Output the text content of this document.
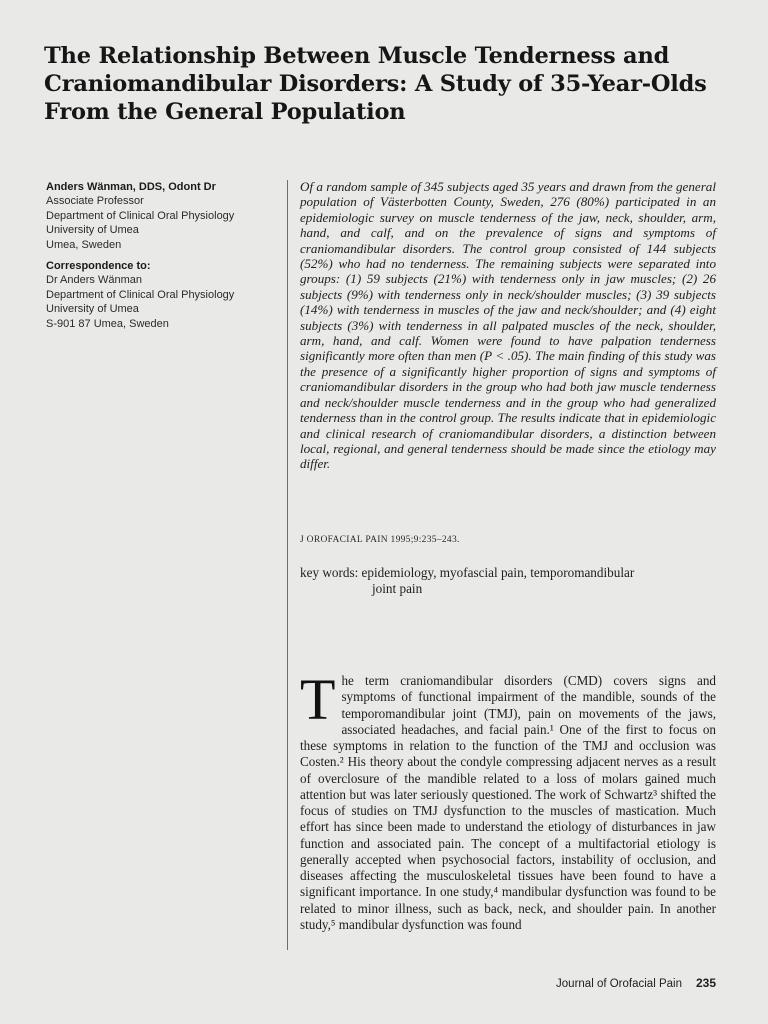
The Relationship Between Muscle Tenderness and
Craniomandibular Disorders: A Study of 35-Year-Olds
From the General Population
Anders Wänman, DDS, Odont Dr
Associate Professor
Department of Clinical Oral Physiology
University of Umea
Umea, Sweden
Correspondence to:
Dr Anders Wänman
Department of Clinical Oral Physiology
University of Umea
S-901 87 Umea, Sweden
Of a random sample of 345 subjects aged 35 years and drawn from the general population of Västerbotten County, Sweden, 276 (80%) participated in an epidemiologic survey on muscle tenderness of the jaw, neck, shoulder, arm, hand, and calf, and on the prevalence of signs and symptoms of craniomandibular disorders. The control group consisted of 144 subjects (52%) who had no tenderness. The remaining subjects were separated into groups: (1) 59 subjects (21%) with tenderness only in jaw muscles; (2) 26 subjects (9%) with tenderness only in neck/shoulder muscles; (3) 39 subjects (14%) with tenderness in muscles of the jaw and neck/shoulder; and (4) eight subjects (3%) with tenderness in all palpated muscles of the neck, shoulder, arm, hand, and calf. Women were found to have palpation tenderness significantly more often than men (P < .05). The main finding of this study was the presence of a significantly higher proportion of signs and symptoms of craniomandibular disorders in the group who had both jaw muscle tenderness and neck/shoulder muscle tenderness and in the group who had generalized tenderness than in the control group. The results indicate that in epidemiologic and clinical research of craniomandibular disorders, a distinction between local, regional, and general tenderness should be made since the etiology may differ.
J OROFACIAL PAIN 1995;9:235–243.
key words: epidemiology, myofascial pain, temporomandibular
joint pain
The term craniomandibular disorders (CMD) covers signs and symptoms of functional impairment of the mandible, sounds of the temporomandibular joint (TMJ), pain on movements of the jaws, associated headaches, and facial pain.¹ One of the first to focus on these symptoms in relation to the function of the TMJ and occlusion was Costen.² His theory about the condyle compressing adjacent nerves as a result of overclosure of the mandible related to a loss of molars gained much attention but was later seriously questioned. The work of Schwartz³ shifted the focus of studies on TMJ dysfunction to the muscles of mastication. Much effort has since been made to understand the etiology of disturbances in jaw function and associated pain. The concept of a multifactorial etiology is generally accepted when psychosocial factors, instability of occlusion, and diseases affecting the musculoskeletal tissues have been found to have a significant importance. In one study,⁴ mandibular dysfunction was found to be related to minor illness, such as back, neck, and shoulder pain. In another study,⁵ mandibular dysfunction was found
Journal of Orofacial Pain 235
